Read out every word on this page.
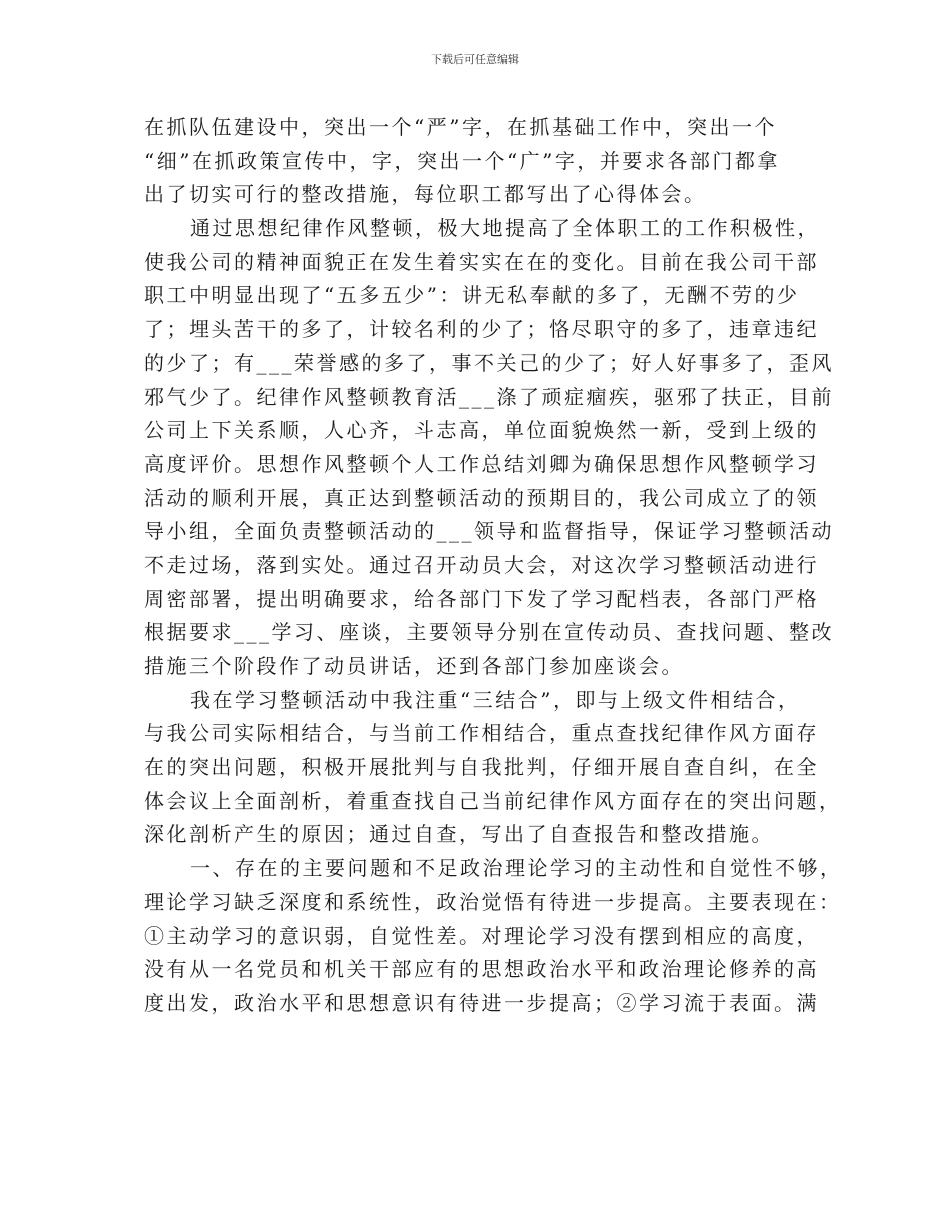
下载后可任意编辑

在抓队伍建设中，突出一个“严”字，在抓基础工作中，突出一个
“细”在抓政策宣传中，字，突出一个“广”字，并要求各部门都拿
出了切实可行的整改措施，每位职工都写出了心得体会。

通过思想纪律作风整顿，极大地提高了全体职工的工作积极性，
使我公司的精神面貌正在发生着实实在在的变化。目前在我公司干部
职工中明显出现了“五多五少”：讲无私奉献的多了，无酬不劳的少
了；埋头苦干的多了，计较名利的少了；恪尽职守的多了，违章违纪
的少了；有___荣誉感的多了，事不关己的少了；好人好事多了，歪风
邪气少了。纪律作风整顿教育活___涤了顽症痼疾，驱邪了扶正，目前
公司上下关系顺，人心齐，斗志高，单位面貌焕然一新，受到上级的
高度评价。思想作风整顿个人工作总结刘卿为确保思想作风整顿学习
活动的顺利开展，真正达到整顿活动的预期目的，我公司成立了的领
导小组，全面负责整顿活动的___领导和监督指导，保证学习整顿活动
不走过场，落到实处。通过召开动员大会，对这次学习整顿活动进行
周密部署，提出明确要求，给各部门下发了学习配档表，各部门严格
根据要求___学习、座谈，主要领导分别在宣传动员、查找问题、整改
措施三个阶段作了动员讲话，还到各部门参加座谈会。

我在学习整顿活动中我注重“三结合”，即与上级文件相结合，
与我公司实际相结合，与当前工作相结合，重点查找纪律作风方面存
在的突出问题，积极开展批判与自我批判，仔细开展自查自纠，在全
体会议上全面剖析，着重查找自己当前纪律作风方面存在的突出问题，
深化剖析产生的原因；通过自查，写出了自查报告和整改措施。

一、存在的主要问题和不足政治理论学习的主动性和自觉性不够，
理论学习缺乏深度和系统性，政治觉悟有待进一步提高。主要表现在：
①主动学习的意识弱，自觉性差。对理论学习没有摆到相应的高度，
没有从一名党员和机关干部应有的思想政治水平和政治理论修养的高
度出发，政治水平和思想意识有待进一步提高；②学习流于表面。满
